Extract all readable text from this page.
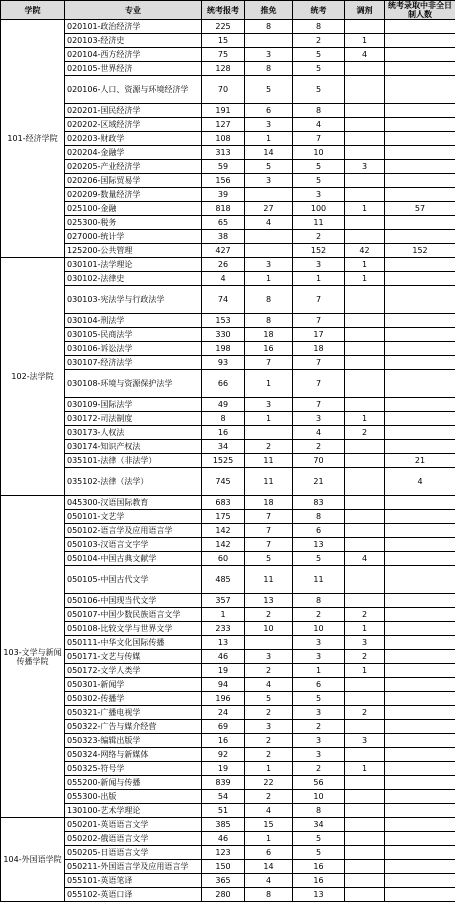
学院	专业	统考报考	推免	统考	调剂	统考录取中非全日制人数
101-经济学院	020101-政治经济学	225	8	8		
	020103-经济史	15		2	1	
	020104-西方经济学	75	3	5	4	
	020105-世界经济	128	8	5		
	020106-人口、资源与环境经济学	70	5	5		
	020201-国民经济学	191	6	8		
	020202-区域经济学	127	3	4		
	020203-财政学	108	1	7		
	020204-金融学	313	14	10		
	020205-产业经济学	59	5	5	3	
	020206-国际贸易学	156	3	5		
	020209-数量经济学	39		3		
	025100-金融	818	27	100	1	57
	025300-税务	65	4	11		
	027000-统计学	38		2		
	125200-公共管理	427		152	42	152
102-法学院	030101-法学理论	26	3	3	1	
	030102-法律史	4	1	1	1	
	030103-宪法学与行政法学	74	8	7		
	030104-刑法学	153	8	7		
	030105-民商法学	330	18	17		
	030106-诉讼法学	198	16	18		
	030107-经济法学	93	7	7		
	030108-环境与资源保护法学	66	1	7		
	030109-国际法学	49	3	7		
	030172-司法制度	8	1	3	1	
	030173-人权法	16		4	2	
	030174-知识产权法	34	2	2		
	035101-法律（非法学）	1525	11	70		21
	035102-法律（法学）	745	11	21		4
103-文学与新闻传播学院	045300-汉语国际教育	683	18	83		
	050101-文艺学	175	7	8		
	050102-语言学及应用语言学	142	7	6		
	050103-汉语言文字学	142	7	13		
	050104-中国古典文献学	60	5	5	4	
	050105-中国古代文学	485	11	11		
	050106-中国现当代文学	357	13	8		
	050107-中国少数民族语言文学	1	2	2	2	
	050108-比较文学与世界文学	233	10	10	1	
	050111-中华文化国际传播	13		3	3	
	050171-文艺与传媒	46	3	3	2	
	050172-文学人类学	19	2	1	1	
	050301-新闻学	94	4	6		
	050302-传播学	196	5	5		
	050321-广播电视学	24	2	3	2	
	050322-广告与媒介经营	69	3	2		
	050323-编辑出版学	16	2	3	3	
	050324-网络与新媒体	92	2	3		
	050325-符号学	19	1	2	1	
	055200-新闻与传播	839	22	56		
	055300-出版	54	2	10		
	130100-艺术学理论	51	4	8		
104-外国语学院	050201-英语语言文学	385	15	34		
	050202-俄语语言文学	46	1	5		
	050205-日语语言文学	123	6	5		
	050211-外国语言学及应用语言学	150	14	16		
	055101-英语笔译	365	4	16		
	055102-英语口译	280	8	13		
